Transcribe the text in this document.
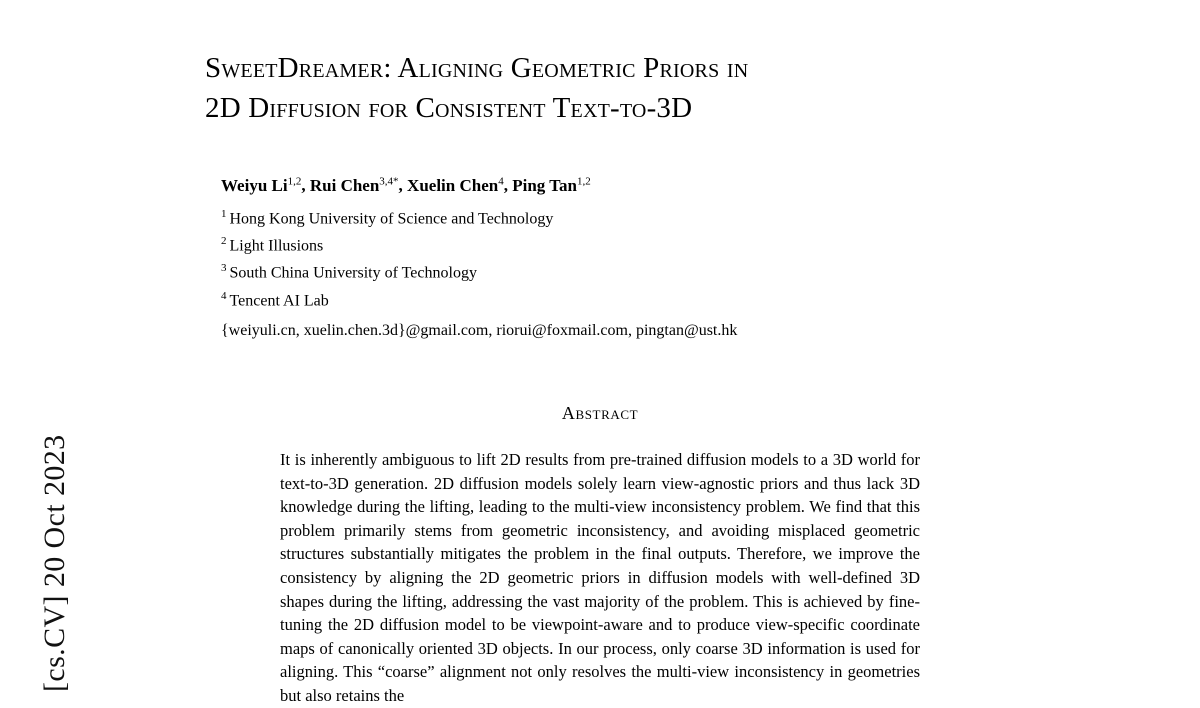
[cs.CV] 20 Oct 2023
SweetDreamer: Aligning Geometric Priors in
2D Diffusion for Consistent Text-to-3D
Weiyu Li$^{1,2}$, Rui Chen$^{3,4*}$, Xuelin Chen$^4$, Ping Tan$^{1,2}$
$^1$ Hong Kong University of Science and Technology
$^2$ Light Illusions
$^3$ South China University of Technology
$^4$ Tencent AI Lab
{weiyuli.cn, xuelin.chen.3d}@gmail.com, riorui@foxmail.com, pingtan@ust.hk
Abstract

It is inherently ambiguous to lift 2D results from pre-trained diffusion models to a 3D world for text-to-3D generation. 2D diffusion models solely learn view-agnostic priors and thus lack 3D knowledge during the lifting, leading to the multi-view inconsistency problem. We find that this problem primarily stems from geometric inconsistency, and avoiding misplaced geometric structures substantially mitigates the problem in the final outputs. Therefore, we improve the consistency by aligning the 2D geometric priors in diffusion models with well-defined 3D shapes during the lifting, addressing the vast majority of the problem. This is achieved by fine-tuning the 2D diffusion model to be viewpoint-aware and to produce view-specific coordinate maps of canonically oriented 3D objects. In our process, only coarse 3D information is used for aligning. This “coarse” alignment not only resolves the multi-view inconsistency in geometries but also retains the
